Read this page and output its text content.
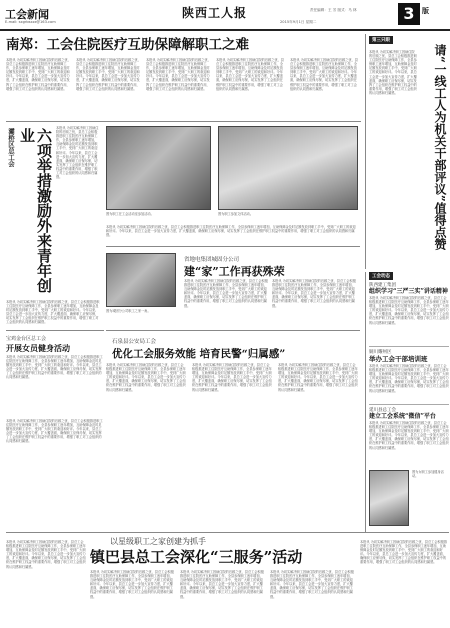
工会新闻
E-mail: sxgrbsxzz@163.com
陕西工人报	责任编辑：王 芳 版式：马 林
2015年9月1日 星期二	3	版
南郑：工会住院医疗互助保障解职工之难	第三只眼
请“一线工人为机关干部评议”值得点赞
本报讯 为切实解决职工因病住院的后顾之忧，县总工会积极推进职工住院医疗互助保障工作，全县参保职工逐年增加，互助保障金及时足额发放到职工手中，受到广大职工的欢迎和好评。今年以来，县总工会进一步加大宣传力度，扩大覆盖面，确保职工应保尽保，切实发挥了工会组织在维护职工权益中的重要作用，增强了职工对工会组织的认同感和归属感。
本报讯 为切实解决职工因病住院的后顾之忧，县总工会积极推进职工住院医疗互助保障工作，全县参保职工逐年增加，互助保障金及时足额发放到职工手中，受到广大职工的欢迎和好评。今年以来，县总工会进一步加大宣传力度，扩大覆盖面，确保职工应保尽保，切实发挥了工会组织在维护职工权益中的重要作用，增强了职工对工会组织的认同感和归属感。
本报讯 为切实解决职工因病住院的后顾之忧，县总工会积极推进职工住院医疗互助保障工作，全县参保职工逐年增加，互助保障金及时足额发放到职工手中，受到广大职工的欢迎和好评。今年以来，县总工会进一步加大宣传力度，扩大覆盖面，确保职工应保尽保，切实发挥了工会组织在维护职工权益中的重要作用，增强了职工对工会组织的认同感和归属感。
本报讯 为切实解决职工因病住院的后顾之忧，县总工会积极推进职工住院医疗互助保障工作，全县参保职工逐年增加，互助保障金及时足额发放到职工手中，受到广大职工的欢迎和好评。今年以来，县总工会进一步加大宣传力度，扩大覆盖面，确保职工应保尽保，切实发挥了工会组织在维护职工权益中的重要作用，增强了职工对工会组织的认同感和归属感。
本报讯 为切实解决职工因病住院的后顾之忧，县总工会积极推进职工住院医疗互助保障工作，全县参保职工逐年增加，互助保障金及时足额发放到职工手中，受到广大职工的欢迎和好评。今年以来，县总工会进一步加大宣传力度，扩大覆盖面，确保职工应保尽保，切实发挥了工会组织在维护职工权益中的重要作用，增强了职工对工会组织的认同感和归属感。
本报讯 为切实解决职工因病住院的后顾之忧，县总工会积极推进职工住院医疗互助保障工作，全县参保职工逐年增加，互助保障金及时足额发放到职工手中，受到广大职工的欢迎和好评。今年以来，县总工会进一步加大宣传力度，扩大覆盖面，确保职工应保尽保，切实发挥了工会组织在维护职工权益中的重要作用，增强了职工对工会组织的认同感和归属感。
灞桥区总工会	六项举措激励外来青年创业	本报讯 为切实解决职工因病住院的后顾之忧，县总工会积极推进职工住院医疗互助保障工作，全县参保职工逐年增加，互助保障金及时足额发放到职工手中，受到广大职工的欢迎和好评。今年以来，县总工会进一步加大宣传力度，扩大覆盖面，确保职工应保尽保，切实发挥了工会组织在维护职工权益中的重要作用，增强了职工对工会组织的认同感和归属感。
本报讯 为切实解决职工因病住院的后顾之忧，县总工会积极推进职工住院医疗互助保障工作，全县参保职工逐年增加，互助保障金及时足额发放到职工手中，受到广大职工的欢迎和好评。今年以来，县总工会进一步加大宣传力度，扩大覆盖面，确保职工应保尽保，切实发挥了工会组织在维护职工权益中的重要作用，增强了职工对工会组织的认同感和归属感。
图为职工在工会活动室参加活动。	图为职工参加文体活动。
本报讯 为切实解决职工因病住院的后顾之忧，县总工会积极推进职工住院医疗互助保障工作，全县参保职工逐年增加，互助保障金及时足额发放到职工手中，受到广大职工的欢迎和好评。今年以来，县总工会进一步加大宣传力度，扩大覆盖面，确保职工应保尽保，切实发挥了工会组织在维护职工权益中的重要作用，增强了职工对工会组织的认同感和归属感。
图为城固分公司职工之家一角。
省地电集团城固分公司
建“家”工作再获殊荣
本报讯 为切实解决职工因病住院的后顾之忧，县总工会积极推进职工住院医疗互助保障工作，全县参保职工逐年增加，互助保障金及时足额发放到职工手中，受到广大职工的欢迎和好评。今年以来，县总工会进一步加大宣传力度，扩大覆盖面，确保职工应保尽保，切实发挥了工会组织在维护职工权益中的重要作用，增强了职工对工会组织的认同感和归属感。
本报讯 为切实解决职工因病住院的后顾之忧，县总工会积极推进职工住院医疗互助保障工作，全县参保职工逐年增加，互助保障金及时足额发放到职工手中，受到广大职工的欢迎和好评。今年以来，县总工会进一步加大宣传力度，扩大覆盖面，确保职工应保尽保，切实发挥了工会组织在维护职工权益中的重要作用，增强了职工对工会组织的认同感和归属感。
宝鸡金台区总工会
开展女员健身活动
本报讯 为切实解决职工因病住院的后顾之忧，县总工会积极推进职工住院医疗互助保障工作，全县参保职工逐年增加，互助保障金及时足额发放到职工手中，受到广大职工的欢迎和好评。今年以来，县总工会进一步加大宣传力度，扩大覆盖面，确保职工应保尽保，切实发挥了工会组织在维护职工权益中的重要作用，增强了职工对工会组织的认同感和归属感。
本报讯 为切实解决职工因病住院的后顾之忧，县总工会积极推进职工住院医疗互助保障工作，全县参保职工逐年增加，互助保障金及时足额发放到职工手中，受到广大职工的欢迎和好评。今年以来，县总工会进一步加大宣传力度，扩大覆盖面，确保职工应保尽保，切实发挥了工会组织在维护职工权益中的重要作用，增强了职工对工会组织的认同感和归属感。
石泉县公安局工会
优化工会服务效能 培育民警“归属感”
本报讯 为切实解决职工因病住院的后顾之忧，县总工会积极推进职工住院医疗互助保障工作，全县参保职工逐年增加，互助保障金及时足额发放到职工手中，受到广大职工的欢迎和好评。今年以来，县总工会进一步加大宣传力度，扩大覆盖面，确保职工应保尽保，切实发挥了工会组织在维护职工权益中的重要作用，增强了职工对工会组织的认同感和归属感。
本报讯 为切实解决职工因病住院的后顾之忧，县总工会积极推进职工住院医疗互助保障工作，全县参保职工逐年增加，互助保障金及时足额发放到职工手中，受到广大职工的欢迎和好评。今年以来，县总工会进一步加大宣传力度，扩大覆盖面，确保职工应保尽保，切实发挥了工会组织在维护职工权益中的重要作用，增强了职工对工会组织的认同感和归属感。
本报讯 为切实解决职工因病住院的后顾之忧，县总工会积极推进职工住院医疗互助保障工作，全县参保职工逐年增加，互助保障金及时足额发放到职工手中，受到广大职工的欢迎和好评。今年以来，县总工会进一步加大宣传力度，扩大覆盖面，确保职工应保尽保，切实发挥了工会组织在维护职工权益中的重要作用，增强了职工对工会组织的认同感和归属感。
工会动态
陕西建工集团
组织学习“三严三实”讲话精神
本报讯 为切实解决职工因病住院的后顾之忧，县总工会积极推进职工住院医疗互助保障工作，全县参保职工逐年增加，互助保障金及时足额发放到职工手中，受到广大职工的欢迎和好评。今年以来，县总工会进一步加大宣传力度，扩大覆盖面，确保职工应保尽保，切实发挥了工会组织在维护职工权益中的重要作用，增强了职工对工会组织的认同感和归属感。
铜川耀州区
举办工会干部培训班
本报讯 为切实解决职工因病住院的后顾之忧，县总工会积极推进职工住院医疗互助保障工作，全县参保职工逐年增加，互助保障金及时足额发放到职工手中，受到广大职工的欢迎和好评。今年以来，县总工会进一步加大宣传力度，扩大覆盖面，确保职工应保尽保，切实发挥了工会组织在维护职工权益中的重要作用，增强了职工对工会组织的认同感和归属感。
延川县总工会
建立工会系统“微信”平台
本报讯 为切实解决职工因病住院的后顾之忧，县总工会积极推进职工住院医疗互助保障工作，全县参保职工逐年增加，互助保障金及时足额发放到职工手中，受到广大职工的欢迎和好评。今年以来，县总工会进一步加大宣传力度，扩大覆盖面，确保职工应保尽保，切实发挥了工会组织在维护职工权益中的重要作用，增强了职工对工会组织的认同感和归属感。
图为女职工参加健身活动。
以星级职工之家创建为抓手
镇巴县总工会深化“三服务”活动
本报讯 为切实解决职工因病住院的后顾之忧，县总工会积极推进职工住院医疗互助保障工作，全县参保职工逐年增加，互助保障金及时足额发放到职工手中，受到广大职工的欢迎和好评。今年以来，县总工会进一步加大宣传力度，扩大覆盖面，确保职工应保尽保，切实发挥了工会组织在维护职工权益中的重要作用，增强了职工对工会组织的认同感和归属感。
本报讯 为切实解决职工因病住院的后顾之忧，县总工会积极推进职工住院医疗互助保障工作，全县参保职工逐年增加，互助保障金及时足额发放到职工手中，受到广大职工的欢迎和好评。今年以来，县总工会进一步加大宣传力度，扩大覆盖面，确保职工应保尽保，切实发挥了工会组织在维护职工权益中的重要作用，增强了职工对工会组织的认同感和归属感。
本报讯 为切实解决职工因病住院的后顾之忧，县总工会积极推进职工住院医疗互助保障工作，全县参保职工逐年增加，互助保障金及时足额发放到职工手中，受到广大职工的欢迎和好评。今年以来，县总工会进一步加大宣传力度，扩大覆盖面，确保职工应保尽保，切实发挥了工会组织在维护职工权益中的重要作用，增强了职工对工会组织的认同感和归属感。
本报讯 为切实解决职工因病住院的后顾之忧，县总工会积极推进职工住院医疗互助保障工作，全县参保职工逐年增加，互助保障金及时足额发放到职工手中，受到广大职工的欢迎和好评。今年以来，县总工会进一步加大宣传力度，扩大覆盖面，确保职工应保尽保，切实发挥了工会组织在维护职工权益中的重要作用，增强了职工对工会组织的认同感和归属感。
本报讯 为切实解决职工因病住院的后顾之忧，县总工会积极推进职工住院医疗互助保障工作，全县参保职工逐年增加，互助保障金及时足额发放到职工手中，受到广大职工的欢迎和好评。今年以来，县总工会进一步加大宣传力度，扩大覆盖面，确保职工应保尽保，切实发挥了工会组织在维护职工权益中的重要作用，增强了职工对工会组织的认同感和归属感。
